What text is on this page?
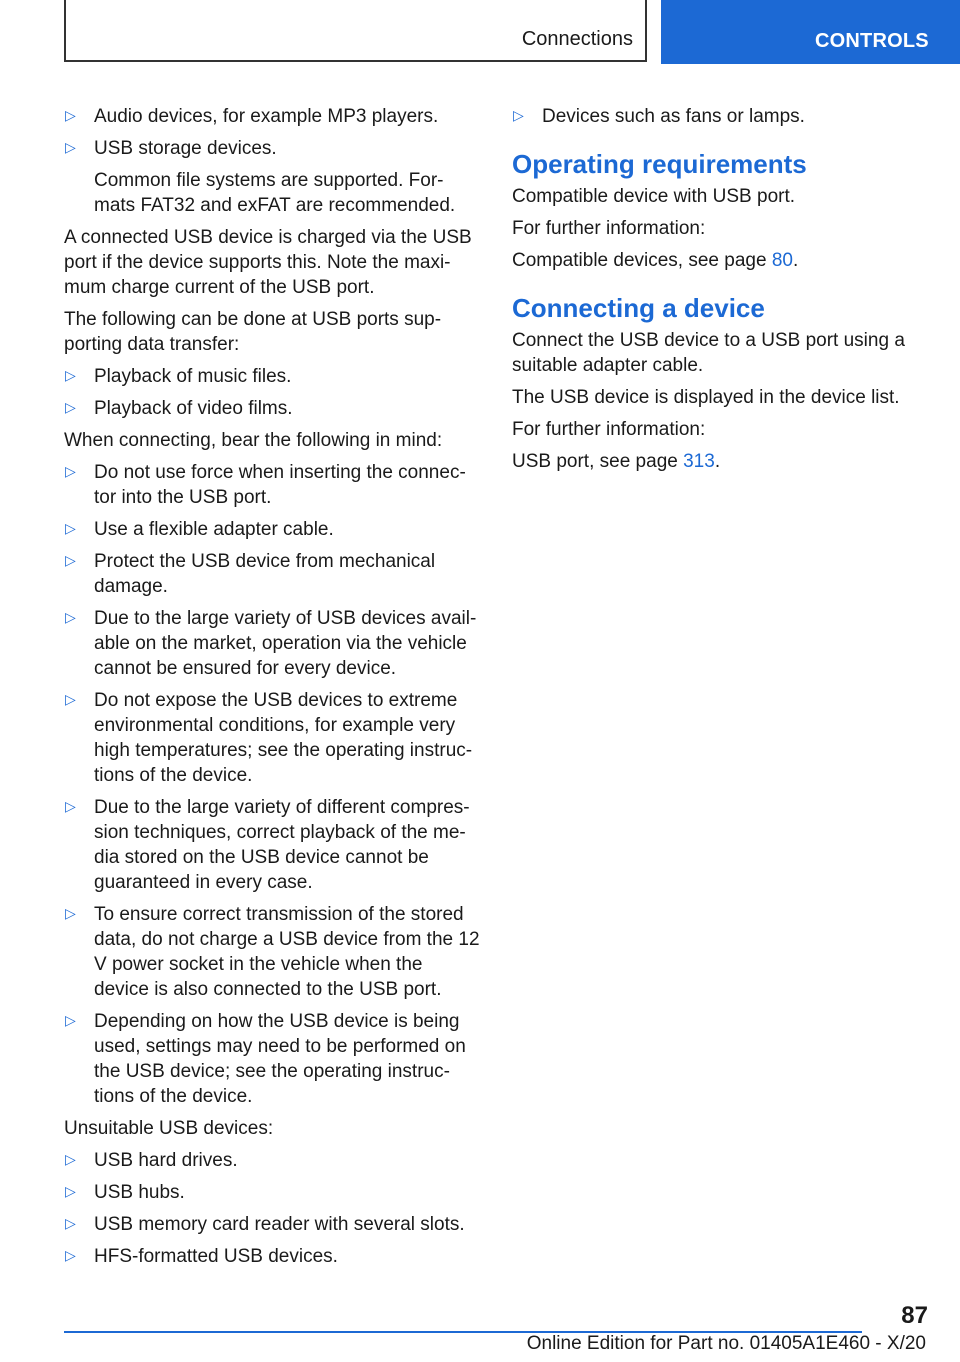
Connections	CONTROLS
▷ Audio devices, for example MP3 players.
▷ USB storage devices.
Common file systems are supported. For-mats FAT32 and exFAT are recommended.

A connected USB device is charged via the USB port if the device supports this. Note the maxi-mum charge current of the USB port.

The following can be done at USB ports sup-porting data transfer:

▷ Playback of music files.
▷ Playback of video films.

When connecting, bear the following in mind:

▷ Do not use force when inserting the connec-tor into the USB port.
▷ Use a flexible adapter cable.
▷ Protect the USB device from mechanical damage.
▷ Due to the large variety of USB devices avail-able on the market, operation via the vehicle cannot be ensured for every device.
▷ Do not expose the USB devices to extreme environmental conditions, for example very high temperatures; see the operating instruc-tions of the device.
▷ Due to the large variety of different compres-sion techniques, correct playback of the me-dia stored on the USB device cannot be guaranteed in every case.
▷ To ensure correct transmission of the stored data, do not charge a USB device from the 12 V power socket in the vehicle when the device is also connected to the USB port.
▷ Depending on how the USB device is being used, settings may need to be performed on the USB device; see the operating instruc-tions of the device.

Unsuitable USB devices:

▷ USB hard drives.
▷ USB hubs.
▷ USB memory card reader with several slots.
▷ HFS-formatted USB devices.
▷ Devices such as fans or lamps.
Operating requirements

Compatible device with USB port.

For further information:

Compatible devices, see page 80.

Connecting a device

Connect the USB device to a USB port using a suitable adapter cable.

The USB device is displayed in the device list.

For further information:

USB port, see page 313.

87
Online Edition for Part no. 01405A1E460 - X/20
